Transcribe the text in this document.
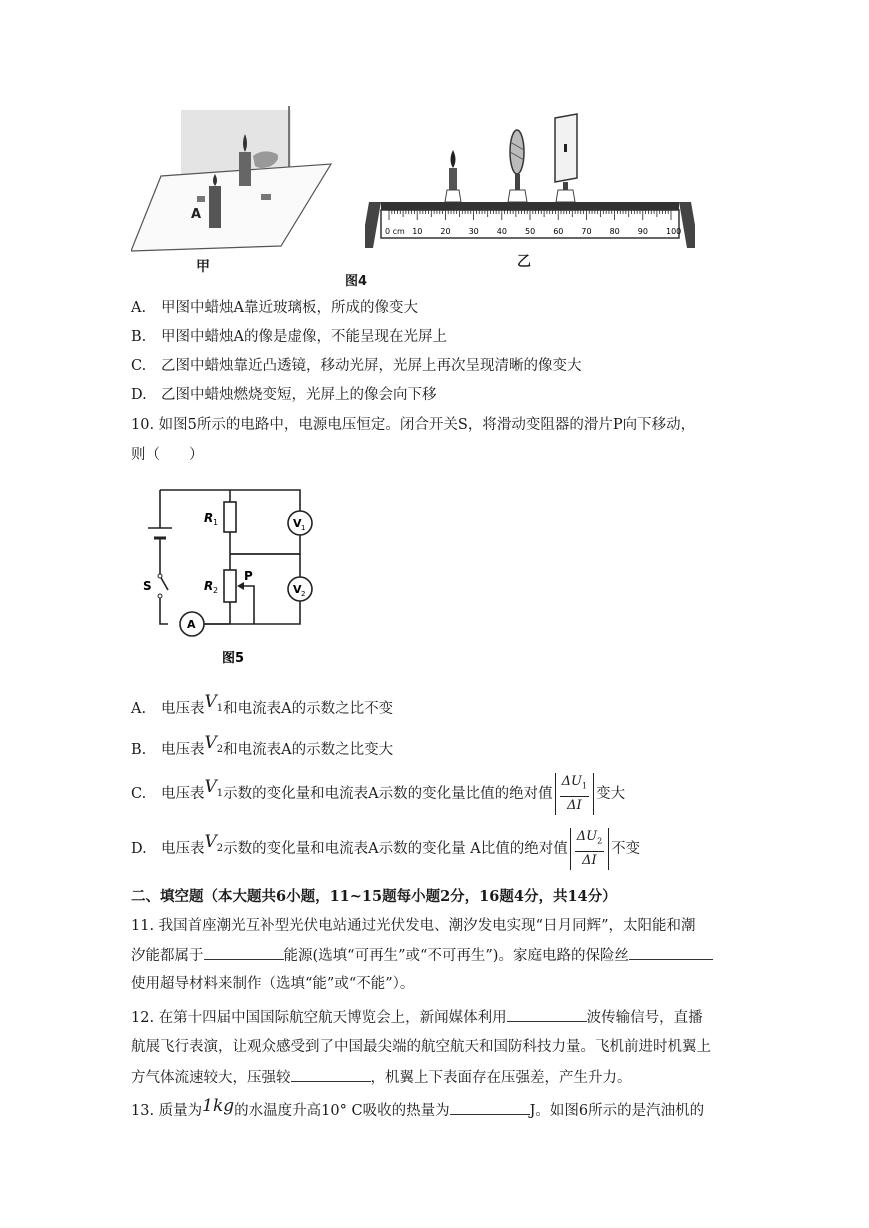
A
甲
0 cm 10 20 30 40 50 60 70 80 90 100
乙
图4
A. 甲图中蜡烛A靠近玻璃板，所成的像变大
B. 甲图中蜡烛A的像是虚像，不能呈现在光屏上
C. 乙图中蜡烛靠近凸透镜，移动光屏，光屏上再次呈现清晰的像变大
D. 乙图中蜡烛燃烧变短，光屏上的像会向下移
10. 如图5所示的电路中，电源电压恒定。闭合开关S，将滑动变阻器的滑片P向下移动，
则（　　）
R 1
R 2
P
S
V 1
V 2
A
图5
A. 电压表V1和电流表A的示数之比不变
B. 电压表V2和电流表A的示数之比变大
C. 电压表V1示数的变化量和电流表A示数的变化量比值的绝对值 $\frac{\Delta U_1}{\Delta I}$ 变大
D. 电压表V2示数的变化量和电流表A示数的变化量 A比值的绝对值 $\frac{\Delta U_2}{\Delta I}$ 不变
二、填空题（本大题共6小题，11~15题每小题2分，16题4分，共14分）
11. 我国首座潮光互补型光伏电站通过光伏发电、潮汐发电实现“日月同辉”，太阳能和潮
汐能都属于	能源(选填“可再生”或“不可再生”)。家庭电路的保险丝
使用超导材料来制作（选填“能”或“不能”）。
12. 在第十四届中国国际航空航天博览会上，新闻媒体利用	波传输信号，直播
航展飞行表演，让观众感受到了中国最尖端的航空航天和国防科技力量。飞机前进时机翼上
方气体流速较大，压强较	，机翼上下表面存在压强差，产生升力。
13. 质量为1kg的水温度升高10° C吸收的热量为	J。如图6所示的是汽油机的
